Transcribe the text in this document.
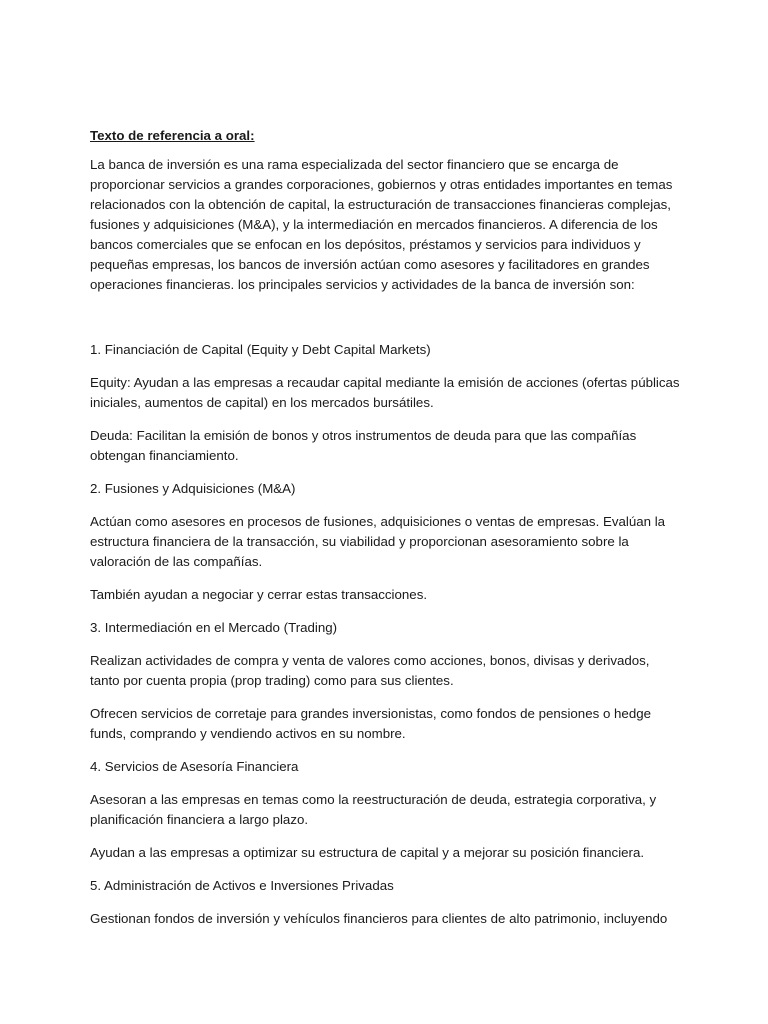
Texto de referencia a oral:

La banca de inversión es una rama especializada del sector financiero que se encarga de proporcionar servicios a grandes corporaciones, gobiernos y otras entidades importantes en temas relacionados con la obtención de capital, la estructuración de transacciones financieras complejas, fusiones y adquisiciones (M&A), y la intermediación en mercados financieros. A diferencia de los bancos comerciales que se enfocan en los depósitos, préstamos y servicios para individuos y pequeñas empresas, los bancos de inversión actúan como asesores y facilitadores en grandes operaciones financieras. los principales servicios y actividades de la banca de inversión son:

1. Financiación de Capital (Equity y Debt Capital Markets)

Equity: Ayudan a las empresas a recaudar capital mediante la emisión de acciones (ofertas públicas iniciales, aumentos de capital) en los mercados bursátiles.

Deuda: Facilitan la emisión de bonos y otros instrumentos de deuda para que las compañías obtengan financiamiento.

2. Fusiones y Adquisiciones (M&A)

Actúan como asesores en procesos de fusiones, adquisiciones o ventas de empresas. Evalúan la estructura financiera de la transacción, su viabilidad y proporcionan asesoramiento sobre la valoración de las compañías.

También ayudan a negociar y cerrar estas transacciones.

3. Intermediación en el Mercado (Trading)

Realizan actividades de compra y venta de valores como acciones, bonos, divisas y derivados, tanto por cuenta propia (prop trading) como para sus clientes.

Ofrecen servicios de corretaje para grandes inversionistas, como fondos de pensiones o hedge funds, comprando y vendiendo activos en su nombre.

4. Servicios de Asesoría Financiera

Asesoran a las empresas en temas como la reestructuración de deuda, estrategia corporativa, y planificación financiera a largo plazo.

Ayudan a las empresas a optimizar su estructura de capital y a mejorar su posición financiera.

5. Administración de Activos e Inversiones Privadas

Gestionan fondos de inversión y vehículos financieros para clientes de alto patrimonio, incluyendo
